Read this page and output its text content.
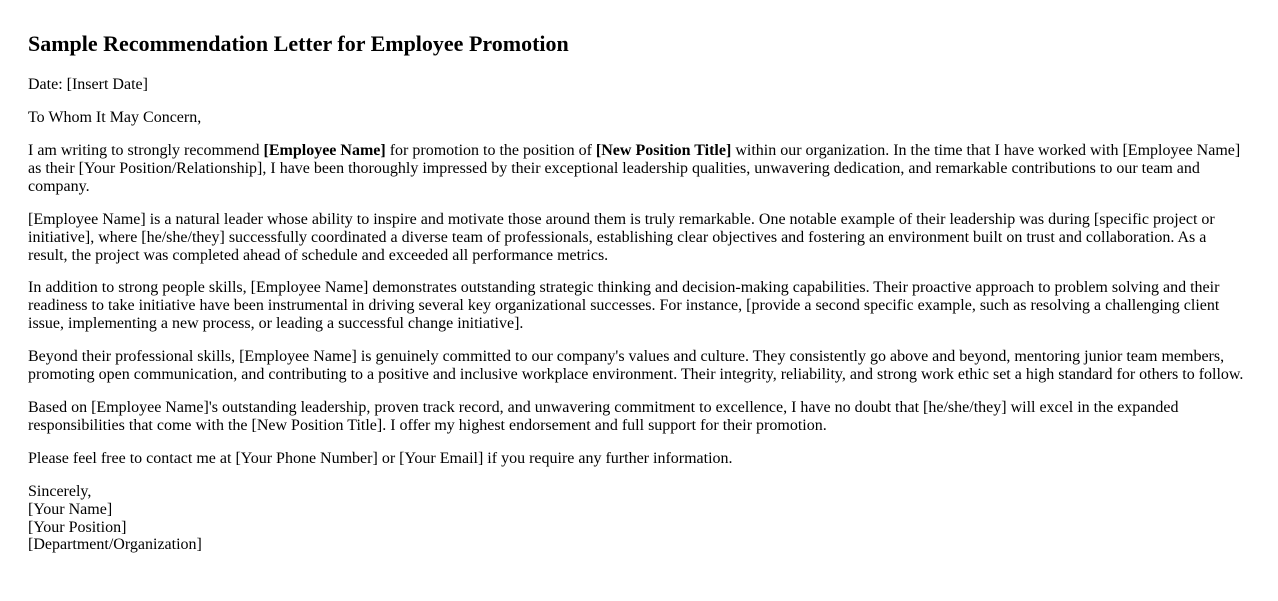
Sample Recommendation Letter for Employee Promotion

Date: [Insert Date]

To Whom It May Concern,

I am writing to strongly recommend [Employee Name] for promotion to the position of [New Position Title] within our organization. In the time that I have worked with [Employee Name] as their [Your Position/Relationship], I have been thoroughly impressed by their exceptional leadership qualities, unwavering dedication, and remarkable contributions to our team and company.

[Employee Name] is a natural leader whose ability to inspire and motivate those around them is truly remarkable. One notable example of their leadership was during [specific project or initiative], where [he/she/they] successfully coordinated a diverse team of professionals, establishing clear objectives and fostering an environment built on trust and collaboration. As a result, the project was completed ahead of schedule and exceeded all performance metrics.

In addition to strong people skills, [Employee Name] demonstrates outstanding strategic thinking and decision-making capabilities. Their proactive approach to problem solving and their readiness to take initiative have been instrumental in driving several key organizational successes. For instance, [provide a second specific example, such as resolving a challenging client issue, implementing a new process, or leading a successful change initiative].

Beyond their professional skills, [Employee Name] is genuinely committed to our company's values and culture. They consistently go above and beyond, mentoring junior team members, promoting open communication, and contributing to a positive and inclusive workplace environment. Their integrity, reliability, and strong work ethic set a high standard for others to follow.

Based on [Employee Name]'s outstanding leadership, proven track record, and unwavering commitment to excellence, I have no doubt that [he/she/they] will excel in the expanded responsibilities that come with the [New Position Title]. I offer my highest endorsement and full support for their promotion.

Please feel free to contact me at [Your Phone Number] or [Your Email] if you require any further information.

Sincerely,
[Your Name]
[Your Position]
[Department/Organization]
